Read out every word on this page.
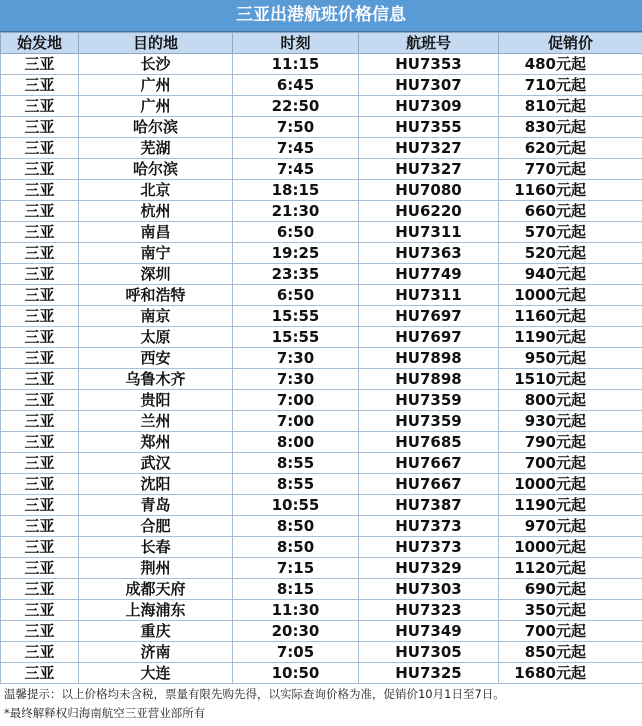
三亚出港航班价格信息
始发地	目的地	时刻	航班号	促销价
三亚	长沙	11:15	HU7353	480元起
三亚	广州	6:45	HU7307	710元起
三亚	广州	22:50	HU7309	810元起
三亚	哈尔滨	7:50	HU7355	830元起
三亚	芜湖	7:45	HU7327	620元起
三亚	哈尔滨	7:45	HU7327	770元起
三亚	北京	18:15	HU7080	1160元起
三亚	杭州	21:30	HU6220	660元起
三亚	南昌	6:50	HU7311	570元起
三亚	南宁	19:25	HU7363	520元起
三亚	深圳	23:35	HU7749	940元起
三亚	呼和浩特	6:50	HU7311	1000元起
三亚	南京	15:55	HU7697	1160元起
三亚	太原	15:55	HU7697	1190元起
三亚	西安	7:30	HU7898	950元起
三亚	乌鲁木齐	7:30	HU7898	1510元起
三亚	贵阳	7:00	HU7359	800元起
三亚	兰州	7:00	HU7359	930元起
三亚	郑州	8:00	HU7685	790元起
三亚	武汉	8:55	HU7667	700元起
三亚	沈阳	8:55	HU7667	1000元起
三亚	青岛	10:55	HU7387	1190元起
三亚	合肥	8:50	HU7373	970元起
三亚	长春	8:50	HU7373	1000元起
三亚	荆州	7:15	HU7329	1120元起
三亚	成都天府	8:15	HU7303	690元起
三亚	上海浦东	11:30	HU7323	350元起
三亚	重庆	20:30	HU7349	700元起
三亚	济南	7:05	HU7305	850元起
三亚	大连	10:50	HU7325	1680元起
温馨提示：以上价格均未含税，票量有限先购先得，以实际查询价格为准，促销价10月1日至7日。
*最终解释权归海南航空三亚营业部所有
